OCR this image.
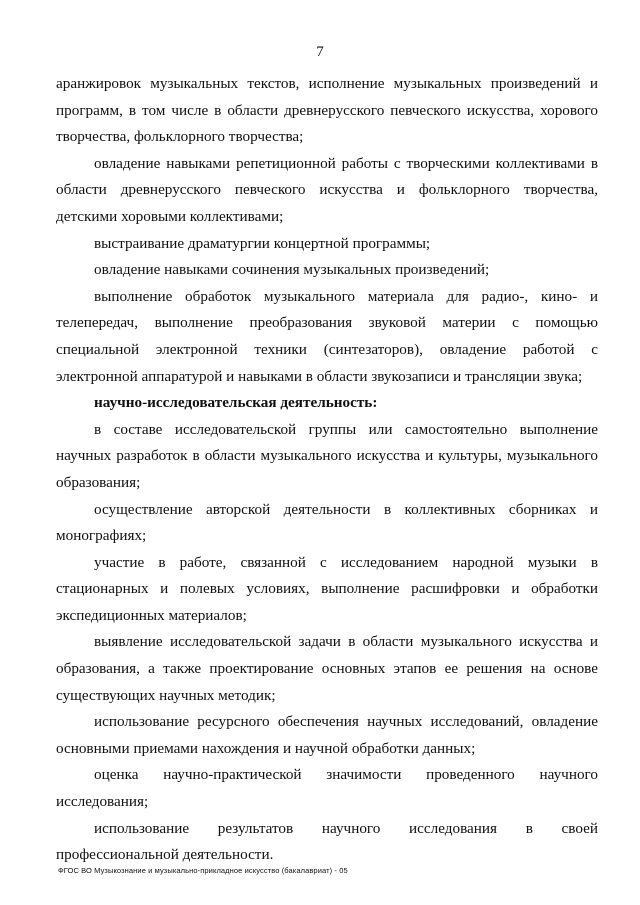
7

аранжировок музыкальных текстов, исполнение музыкальных произведений и программ, в том числе в области древнерусского певческого искусства, хорового творчества, фольклорного творчества;

овладение навыками репетиционной работы с творческими коллективами в области древнерусского певческого искусства и фольклорного творчества, детскими хоровыми коллективами;

выстраивание драматургии концертной программы;

овладение навыками сочинения музыкальных произведений;

выполнение обработок музыкального материала для радио-, кино- и телепередач, выполнение преобразования звуковой материи с помощью специальной электронной техники (синтезаторов), овладение работой с электронной аппаратурой и навыками в области звукозаписи и трансляции звука;

научно-исследовательская деятельность:

в составе исследовательской группы или самостоятельно выполнение научных разработок в области музыкального искусства и культуры, музыкального образования;

осуществление авторской деятельности в коллективных сборниках и монографиях;

участие в работе, связанной с исследованием народной музыки в стационарных и полевых условиях, выполнение расшифровки и обработки экспедиционных материалов;

выявление исследовательской задачи в области музыкального искусства и образования, а также проектирование основных этапов ее решения на основе существующих научных методик;

использование ресурсного обеспечения научных исследований, овладение основными приемами нахождения и научной обработки данных;

оценка научно-практической значимости проведенного научного исследования;

использование результатов научного исследования в своей профессиональной деятельности.

ФГОС ВО Музыкознание и музыкально-прикладное искусство (бакалавриат) - 05
